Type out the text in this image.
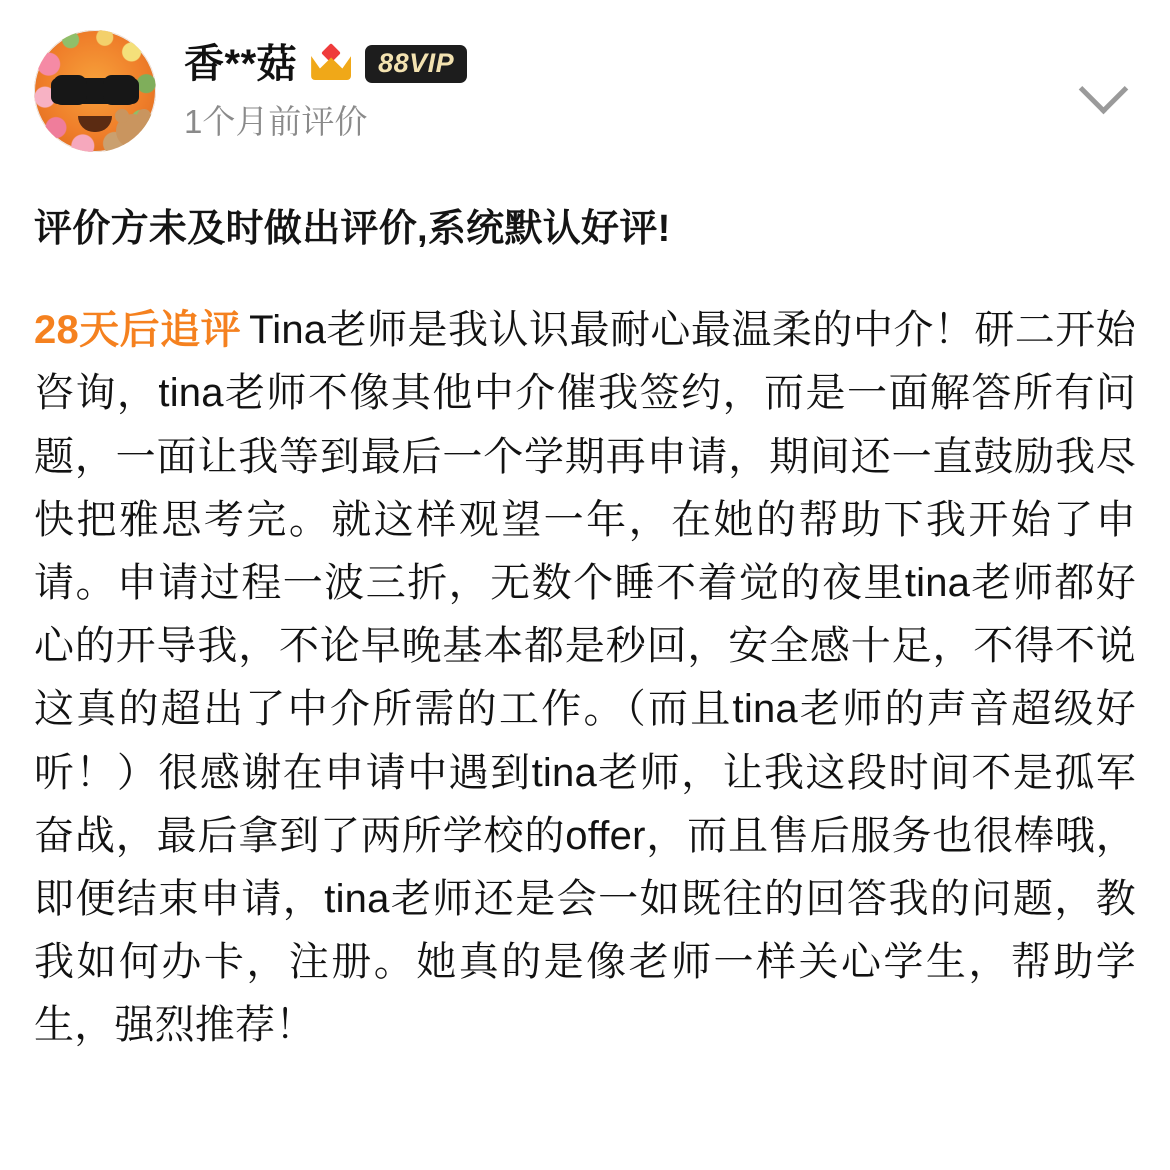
香**菇	88VIP
1个月前评价
评价方未及时做出评价,系统默认好评!
28天后追评 Tina老师是我认识最耐心最温柔的中介！研二开始咨询，tina老师不像其他中介催我签约，而是一面解答所有问题，一面让我等到最后一个学期再申请，期间还一直鼓励我尽快把雅思考完。就这样观望一年，在她的帮助下我开始了申请。申请过程一波三折，无数个睡不着觉的夜里tina老师都好心的开导我，不论早晚基本都是秒回，安全感十足，不得不说这真的超出了中介所需的工作。（而且tina老师的声音超级好听！）很感谢在申请中遇到tina老师，让我这段时间不是孤军奋战，最后拿到了两所学校的offer，而且售后服务也很棒哦，即便结束申请，tina老师还是会一如既往的回答我的问题，教我如何办卡，注册。她真的是像老师一样关心学生，帮助学生，强烈推荐！
